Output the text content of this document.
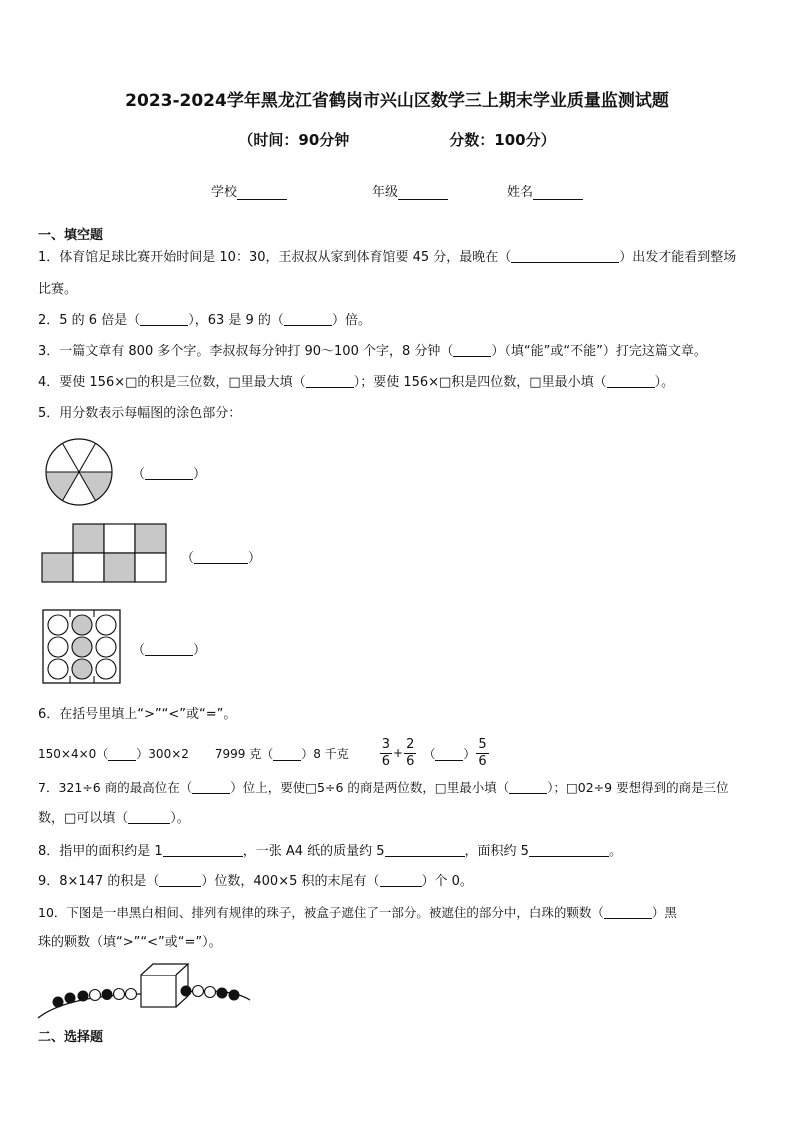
2023-2024学年黑龙江省鹤岗市兴山区数学三上期末学业质量监测试题
（时间：90分钟	分数：100分）
学校	年级	姓名
一、填空题
1．体育馆足球比赛开始时间是 10：30，王叔叔从家到体育馆要 45 分，最晚在（	）出发才能看到整场
比赛。
2．5 的 6 倍是（	），63 是 9 的（	）倍。
3．一篇文章有 800 多个字。李叔叔每分钟打 90～100 个字，8 分钟（	）（填“能”或“不能”）打完这篇文章。
4．要使 156×□的积是三位数，□里最大填（	）；要使 156×□积是四位数，□里最小填（	）。
5．用分数表示每幅图的涂色部分：
（	）
（	）
（	）
6．在括号里填上“>”“<”或“=”。
150×4×0（ ）300×2 7999 克（ ）8 千克 $\frac{3}{6} + \frac{2}{6}$ （ ） $\frac{5}{6}$
7．321÷6 商的最高位在（	）位上，要使□5÷6 的商是两位数，□里最小填（	）；□02÷9 要想得到的商是三位
数，□可以填（	）。
8．指甲的面积约是 1	，一张 A4 纸的质量约 5	，面积约 5	。
9．8×147 的积是（	）位数，400×5 积的末尾有（	）个 0。
10．下图是一串黑白相间、排列有规律的珠子，被盒子遮住了一部分。被遮住的部分中，白珠的颗数（	）黑
珠的颗数（填“>”“<”或“=”）。
二、选择题
